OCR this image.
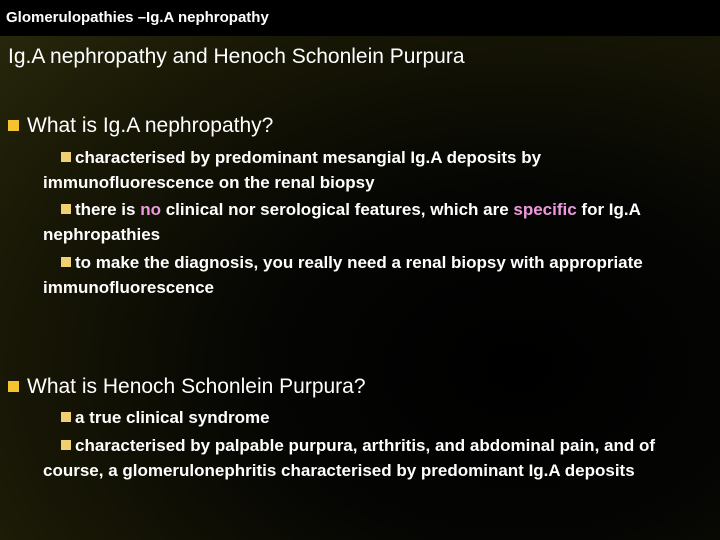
Glomerulopathies –Ig.A nephropathy
Ig.A nephropathy and Henoch Schonlein Purpura
What is Ig.A nephropathy?
characterised by predominant mesangial Ig.A deposits by immunofluorescence on the renal biopsy
there is no clinical nor serological features, which are specific for Ig.A nephropathies
to make the diagnosis, you really need a renal biopsy with appropriate immunofluorescence
What is Henoch Schonlein Purpura?
a true clinical syndrome
characterised by palpable purpura, arthritis, and abdominal pain, and of course, a glomerulonephritis characterised by predominant Ig.A deposits
